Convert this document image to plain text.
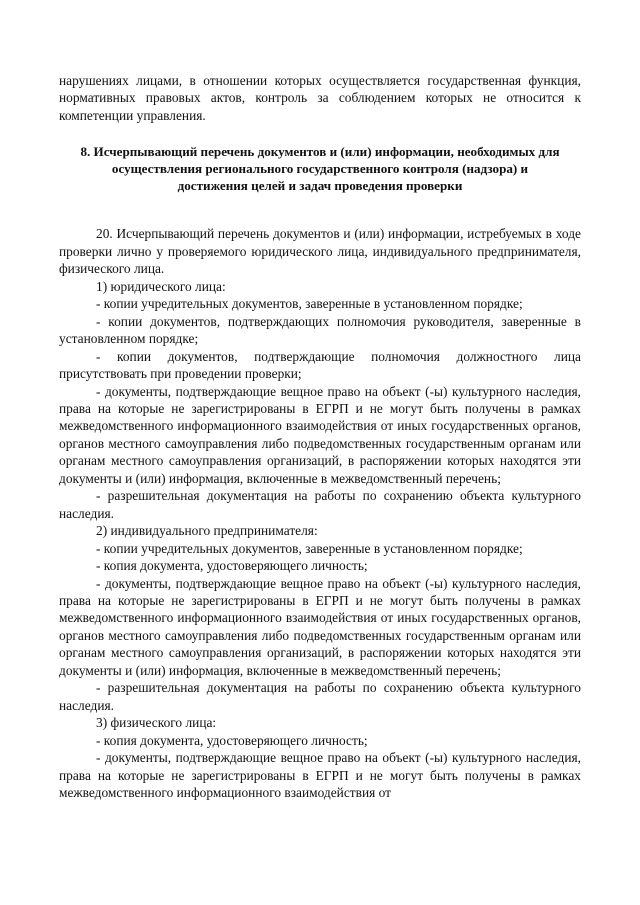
нарушениях лицами, в отношении которых осуществляется государственная функция, нормативных правовых актов, контроль за соблюдением которых не относится к компетенции управления.

8. Исчерпывающий перечень документов и (или) информации, необходимых для
осуществления регионального государственного контроля (надзора) и
достижения целей и задач проведения проверки

20. Исчерпывающий перечень документов и (или) информации, истребуемых в ходе проверки лично у проверяемого юридического лица, индивидуального предпринимателя, физического лица.

1) юридического лица:

- копии учредительных документов, заверенные в установленном порядке;

- копии документов, подтверждающих полномочия руководителя, заверенные в установленном порядке;

- копии документов, подтверждающие полномочия должностного лица присутствовать при проведении проверки;

- документы, подтверждающие вещное право на объект (-ы) культурного наследия, права на которые не зарегистрированы в ЕГРП и не могут быть получены в рамках межведомственного информационного взаимодействия от иных государственных органов, органов местного самоуправления либо подведомственных государственным органам или органам местного самоуправления организаций, в распоряжении которых находятся эти документы и (или) информация, включенные в межведомственный перечень;

- разрешительная документация на работы по сохранению объекта культурного наследия.

2) индивидуального предпринимателя:

- копии учредительных документов, заверенные в установленном порядке;

- копия документа, удостоверяющего личность;

- документы, подтверждающие вещное право на объект (-ы) культурного наследия, права на которые не зарегистрированы в ЕГРП и не могут быть получены в рамках межведомственного информационного взаимодействия от иных государственных органов, органов местного самоуправления либо подведомственных государственным органам или органам местного самоуправления организаций, в распоряжении которых находятся эти документы и (или) информация, включенные в межведомственный перечень;

- разрешительная документация на работы по сохранению объекта культурного наследия.

3) физического лица:

- копия документа, удостоверяющего личность;

- документы, подтверждающие вещное право на объект (-ы) культурного наследия, права на которые не зарегистрированы в ЕГРП и не могут быть получены в рамках межведомственного информационного взаимодействия от
